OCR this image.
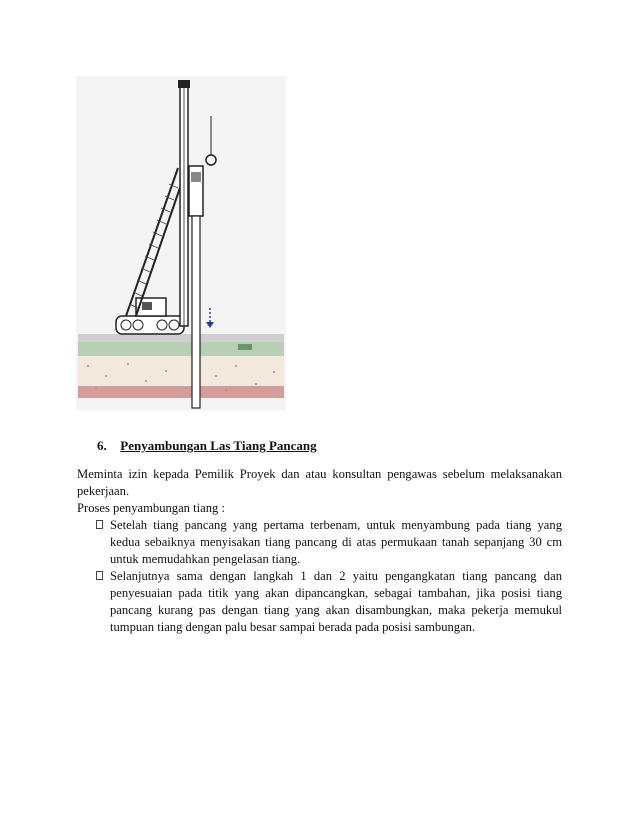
6. Penyambungan Las Tiang Pancang

Meminta izin kepada Pemilik Proyek dan atau konsultan pengawas sebelum melaksanakan pekerjaan.

Proses penyambungan tiang :

Setelah tiang pancang yang pertama terbenam, untuk menyambung pada tiang yang kedua sebaiknya menyisakan tiang pancang di atas permukaan tanah sepanjang 30 cm untuk memudahkan pengelasan tiang.
Selanjutnya sama dengan langkah 1 dan 2 yaitu pengangkatan tiang pancang dan penyesuaian pada titik yang akan dipancangkan, sebagai tambahan, jika posisi tiang pancang kurang pas dengan tiang yang akan disambungkan, maka pekerja memukul tumpuan tiang dengan palu besar sampai berada pada posisi sambungan.
